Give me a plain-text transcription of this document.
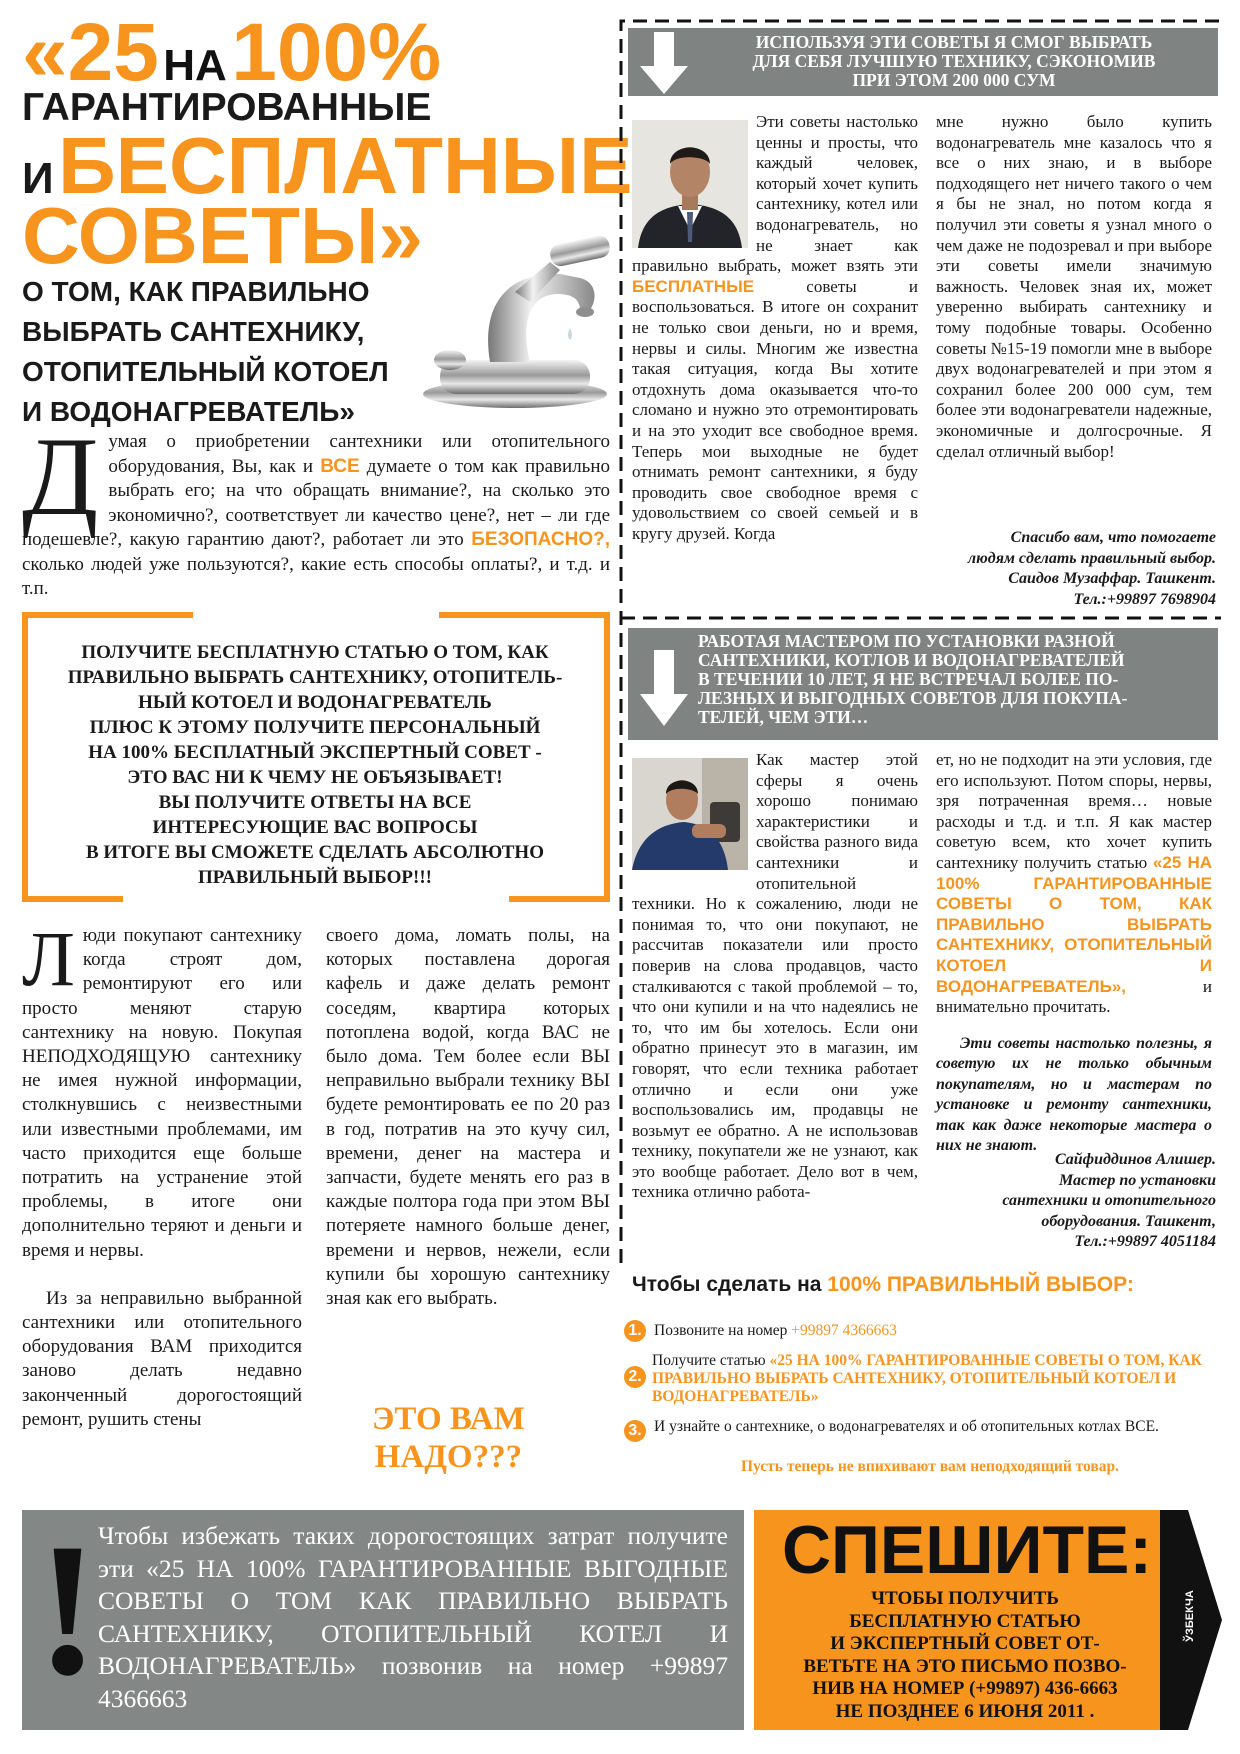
«25 НА 100%
ГАРАНТИРОВАННЫЕ
И БЕСПЛАТНЫЕ
СОВЕТЫ»
О ТОМ, КАК ПРАВИЛЬНО
ВЫБРАТЬ САНТЕХНИКУ,
ОТОПИТЕЛЬНЫЙ КОТОЕЛ
И ВОДОНАГРЕВАТЕЛЬ»
Думая о приобретении сантехники или отопительного оборудования, Вы, как и ВСЕ думаете о том как правильно выбрать его; на что обращать внимание?, на сколько это экономично?, соответствует ли качество цене?, нет – ли где подешевле?, какую гарантию дают?, работает ли это БЕЗОПАСНО?, сколько людей уже пользуются?, какие есть способы оплаты?, и т.д. и т.п.
ПОЛУЧИТЕ БЕСПЛАТНУЮ СТАТЬЮ О ТОМ, КАК
ПРАВИЛЬНО ВЫБРАТЬ САНТЕХНИКУ, ОТОПИТЕЛЬ-
НЫЙ КОТОЕЛ И ВОДОНАГРЕВАТЕЛЬ
ПЛЮС К ЭТОМУ ПОЛУЧИТЕ ПЕРСОНАЛЬНЫЙ
НА 100% БЕСПЛАТНЫЙ ЭКСПЕРТНЫЙ СОВЕТ -
ЭТО ВАС НИ К ЧЕМУ НЕ ОБЪЯЗЫВАЕТ!
ВЫ ПОЛУЧИТЕ ОТВЕТЫ НА ВСЕ
ИНТЕРЕСУЮЩИЕ ВАС ВОПРОСЫ
В ИТОГЕ ВЫ СМОЖЕТЕ СДЕЛАТЬ АБСОЛЮТНО
ПРАВИЛЬНЫЙ ВЫБОР!!!

Люди покупают сантехнику когда строят дом, ремонтируют его или просто меняют старую сантехнику на новую. Покупая НЕПОДХОДЯЩУЮ сантехнику не имея нужной информации, столкнувшись с неизвестными или известными проблемами, им часто приходится еще больше потратить на устранение этой проблемы, в итоге они дополнительно теряют и деньги и время и нервы.

Из за неправильно выбранной сантехники или отопительного оборудования ВАМ приходится заново делать недавно законченный дорогостоящий ремонт, рушить стены

своего дома, ломать полы, на которых поставлена дорогая кафель и даже делать ремонт соседям, квартира которых потоплена водой, когда ВАС не было дома. Тем более если ВЫ неправильно выбрали технику ВЫ будете ремонтировать ее по 20 раз в год, потратив на это кучу сил, времени, денег на мастера и запчасти, будете менять его раз в каждые полтора года при этом ВЫ потеряете намного больше денег, времени и нервов, нежели, если купили бы хорошую сантехнику зная как его выбрать.
ЭТО ВАМ
НАДО???
ИСПОЛЬЗУЯ ЭТИ СОВЕТЫ Я СМОГ ВЫБРАТЬ
ДЛЯ СЕБЯ ЛУЧШУЮ ТЕХНИКУ, СЭКОНОМИВ
ПРИ ЭТОМ 200 000 СУМ
Эти советы настолько ценны и просты, что каждый человек, который хочет купить сантехнику, котел или водонагреватель, но не знает как правильно выбрать, может взять эти БЕСПЛАТНЫЕ	советы и воспользоваться. В итоге он сохранит не только свои деньги, но и время, нервы и силы. Многим же известна такая ситуация, когда Вы хотите отдохнуть дома оказывается что-то сломано и нужно это отремонтировать и на это уходит все свободное время. Теперь мои выходные не будет отнимать ремонт сантехники, я буду проводить свое свободное время с удовольствием со своей семьей и в кругу друзей. Когда
мне нужно было купить водонагреватель мне казалось что я все о них знаю, и в выборе подходящего нет ничего такого о чем я бы не знал, но потом когда я получил эти советы я узнал много о чем даже не подозревал и при выборе эти советы имели значимую важность. Человек зная их, может уверенно выбирать сантехнику и тому подобные товары. Особенно советы №15-19 помогли мне в выборе двух водонагревателей и при этом я сохранил более 200 000 сум, тем более эти водонагреватели надежные, экономичные и долгосрочные. Я сделал отличный выбор!
Спасибо вам, что помогаете
людям сделать правильный выбор.
Саидов Музаффар. Ташкент.
Тел.:+99897 7698904
РАБОТАЯ МАСТЕРОМ ПО УСТАНОВКИ РАЗНОЙ
САНТЕХНИКИ, КОТЛОВ И ВОДОНАГРЕВАТЕЛЕЙ
В ТЕЧЕНИИ 10 ЛЕТ, Я НЕ ВСТРЕЧАЛ БОЛЕЕ ПО-
ЛЕЗНЫХ И ВЫГОДНЫХ СОВЕТОВ ДЛЯ ПОКУПА-
ТЕЛЕЙ, ЧЕМ ЭТИ…
Как мастер этой сферы я очень хорошо понимаю характеристики и свойства разного вида сантехники и отопительной техники. Но к сожалению, люди не понимая то, что они покупают, не рассчитав показатели или просто поверив на слова продавцов, часто сталкиваются с такой проблемой – то, что они купили и на что надеялись не то, что им бы хотелось. Если они обратно принесут это в магазин, им говорят, что если техника работает отлично и если они уже воспользовались им, продавцы не возьмут ее обратно. А не использовав технику, покупатели же не узнают, как это вообще работает. Дело вот в чем, техника отлично работа-
ет, но не подходит на эти условия, где его используют. Потом споры, нервы, зря потраченная время… новые расходы и т.д. и т.п. Я как мастер советую всем, кто хочет купить сантехнику получить статью «25 НА 100% ГАРАНТИРОВАННЫЕ СОВЕТЫ О ТОМ, КАК ПРАВИЛЬНО ВЫБРАТЬ САНТЕХНИКУ, ОТОПИТЕЛЬНЫЙ КОТОЕЛ И ВОДОНАГРЕВАТЕЛЬ»,	и внимательно прочитать.

Эти советы настолько полезны, я советую их не только обычным покупателям, но и мастерам по установке и ремонту сантехники, так как даже некоторые мастера о них не знают.

Сайфиддинов Алишер.
Мастер по установки
сантехники и отопительного
оборудования. Ташкент,
Тел.:+99897 4051184
Чтобы сделать на 100% ПРАВИЛЬНЫЙ ВЫБОР:
1. Позвоните на номер +99897 4366663
2.
Получите статью «25 НА 100% ГАРАНТИРОВАННЫЕ СОВЕТЫ О ТОМ, КАК ПРАВИЛЬНО ВЫБРАТЬ САНТЕХНИКУ, ОТОПИТЕЛЬНЫЙ КОТОЕЛ И ВОДОНАГРЕВАТЕЛЬ»
3. И узнайте о сантехнике, о водонагревателях и об отопительных котлах ВСЕ.
Пусть теперь не впихивают вам неподходящий товар.
!
Чтобы избежать таких дорогостоящих затрат получите эти «25 НА 100% ГАРАНТИРОВАННЫЕ ВЫГОДНЫЕ СОВЕТЫ О ТОМ КАК ПРАВИЛЬНО ВЫБРАТЬ САНТЕХНИКУ, ОТОПИТЕЛЬНЫЙ КОТЕЛ И ВОДОНАГРЕВАТЕЛЬ» позвонив на номер +99897 4366663
ЎЗБЕКЧА
СПЕШИТЕ:
ЧТОБЫ ПОЛУЧИТЬ
БЕСПЛАТНУЮ СТАТЬЮ
И ЭКСПЕРТНЫЙ СОВЕТ ОТ-
ВЕТЬТЕ НА ЭТО ПИСЬМО ПОЗВО-
НИВ НА НОМЕР (+99897) 436-6663
НЕ ПОЗДНЕЕ 6 ИЮНЯ 2011 .
